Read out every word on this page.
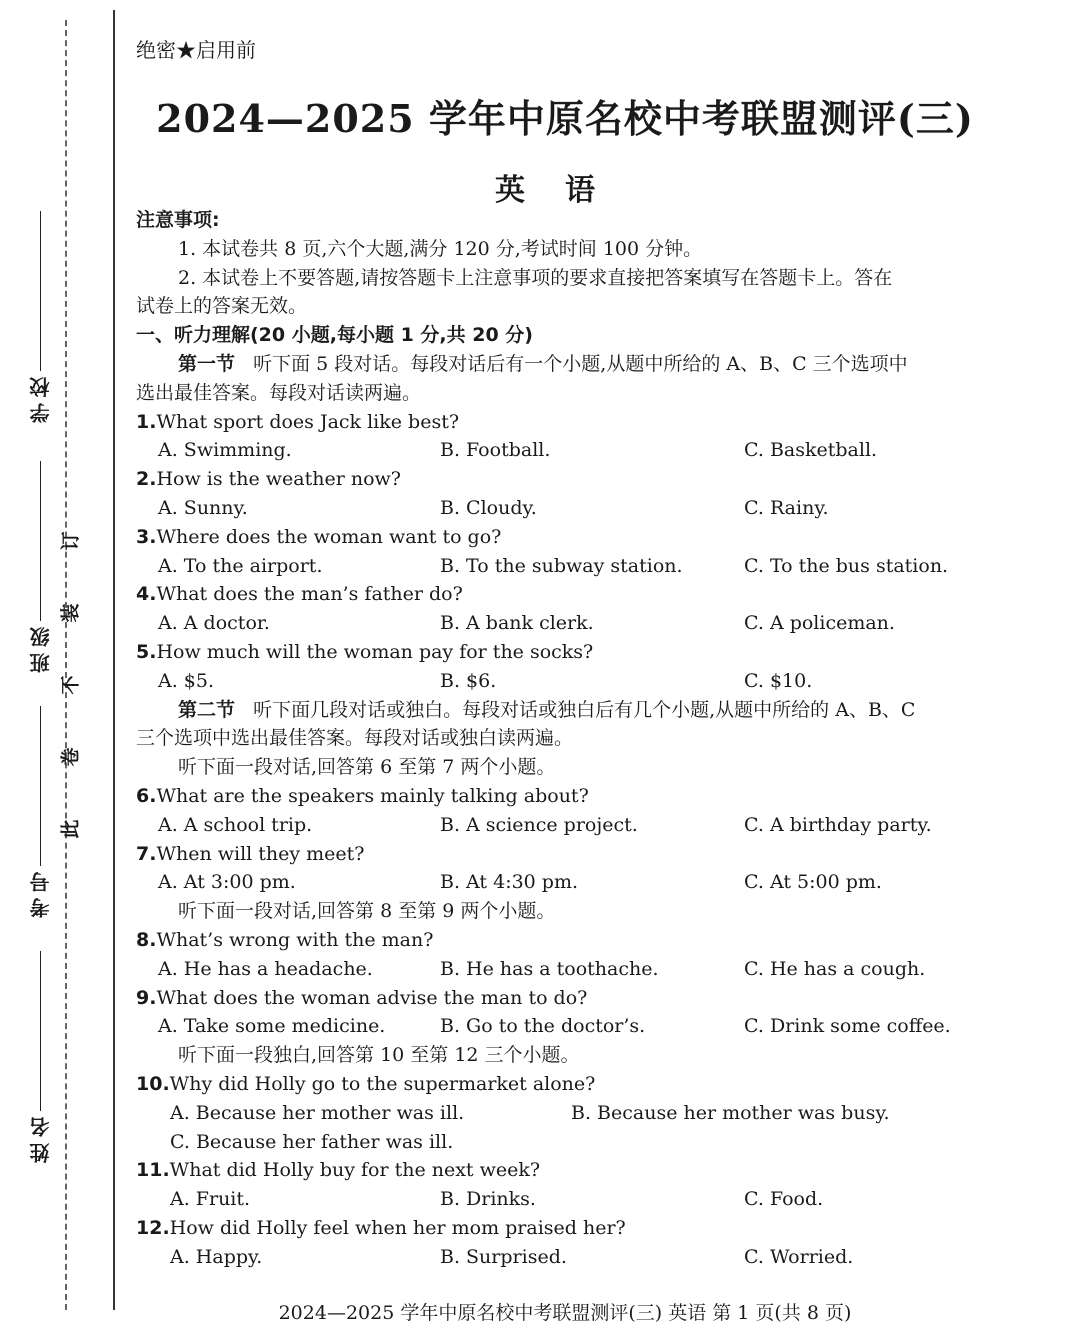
学校
班级
考号
姓名
订
装
不
卷
此
绝密★启用前
2024—2025 学年中原名校中考联盟测评(三)
英语
注意事项:
1. 本试卷共 8 页,六个大题,满分 120 分,考试时间 100 分钟。
2. 本试卷上不要答题,请按答题卡上注意事项的要求直接把答案填写在答题卡上。答在
试卷上的答案无效。
一、听力理解(20 小题,每小题 1 分,共 20 分)
第一节 听下面 5 段对话。每段对话后有一个小题,从题中所给的 A、B、C 三个选项中
选出最佳答案。每段对话读两遍。
1. What sport does Jack like best?
A. Swimming.	B. Football.	C. Basketball.
2. How is the weather now?
A. Sunny.	B. Cloudy.	C. Rainy.
3. Where does the woman want to go?
A. To the airport.	B. To the subway station.	C. To the bus station.
4. What does the man’s father do?
A. A doctor.	B. A bank clerk.	C. A policeman.
5. How much will the woman pay for the socks?
A. $5.	B. $6.	C. $10.
第二节 听下面几段对话或独白。每段对话或独白后有几个小题,从题中所给的 A、B、C
三个选项中选出最佳答案。每段对话或独白读两遍。
听下面一段对话,回答第 6 至第 7 两个小题。
6. What are the speakers mainly talking about?
A. A school trip.	B. A science project.	C. A birthday party.
7. When will they meet?
A. At 3:00 pm.	B. At 4:30 pm.	C. At 5:00 pm.
听下面一段对话,回答第 8 至第 9 两个小题。
8. What’s wrong with the man?
A. He has a headache.	B. He has a toothache.	C. He has a cough.
9. What does the woman advise the man to do?
A. Take some medicine.	B. Go to the doctor’s.	C. Drink some coffee.
听下面一段独白,回答第 10 至第 12 三个小题。
10. Why did Holly go to the supermarket alone?
A. Because her mother was ill.	B. Because her mother was busy.
C. Because her father was ill.
11. What did Holly buy for the next week?
A. Fruit.	B. Drinks.	C. Food.
12. How did Holly feel when her mom praised her?
A. Happy.	B. Surprised.	C. Worried.
2024—2025 学年中原名校中考联盟测评(三) 英语 第 1 页(共 8 页)
